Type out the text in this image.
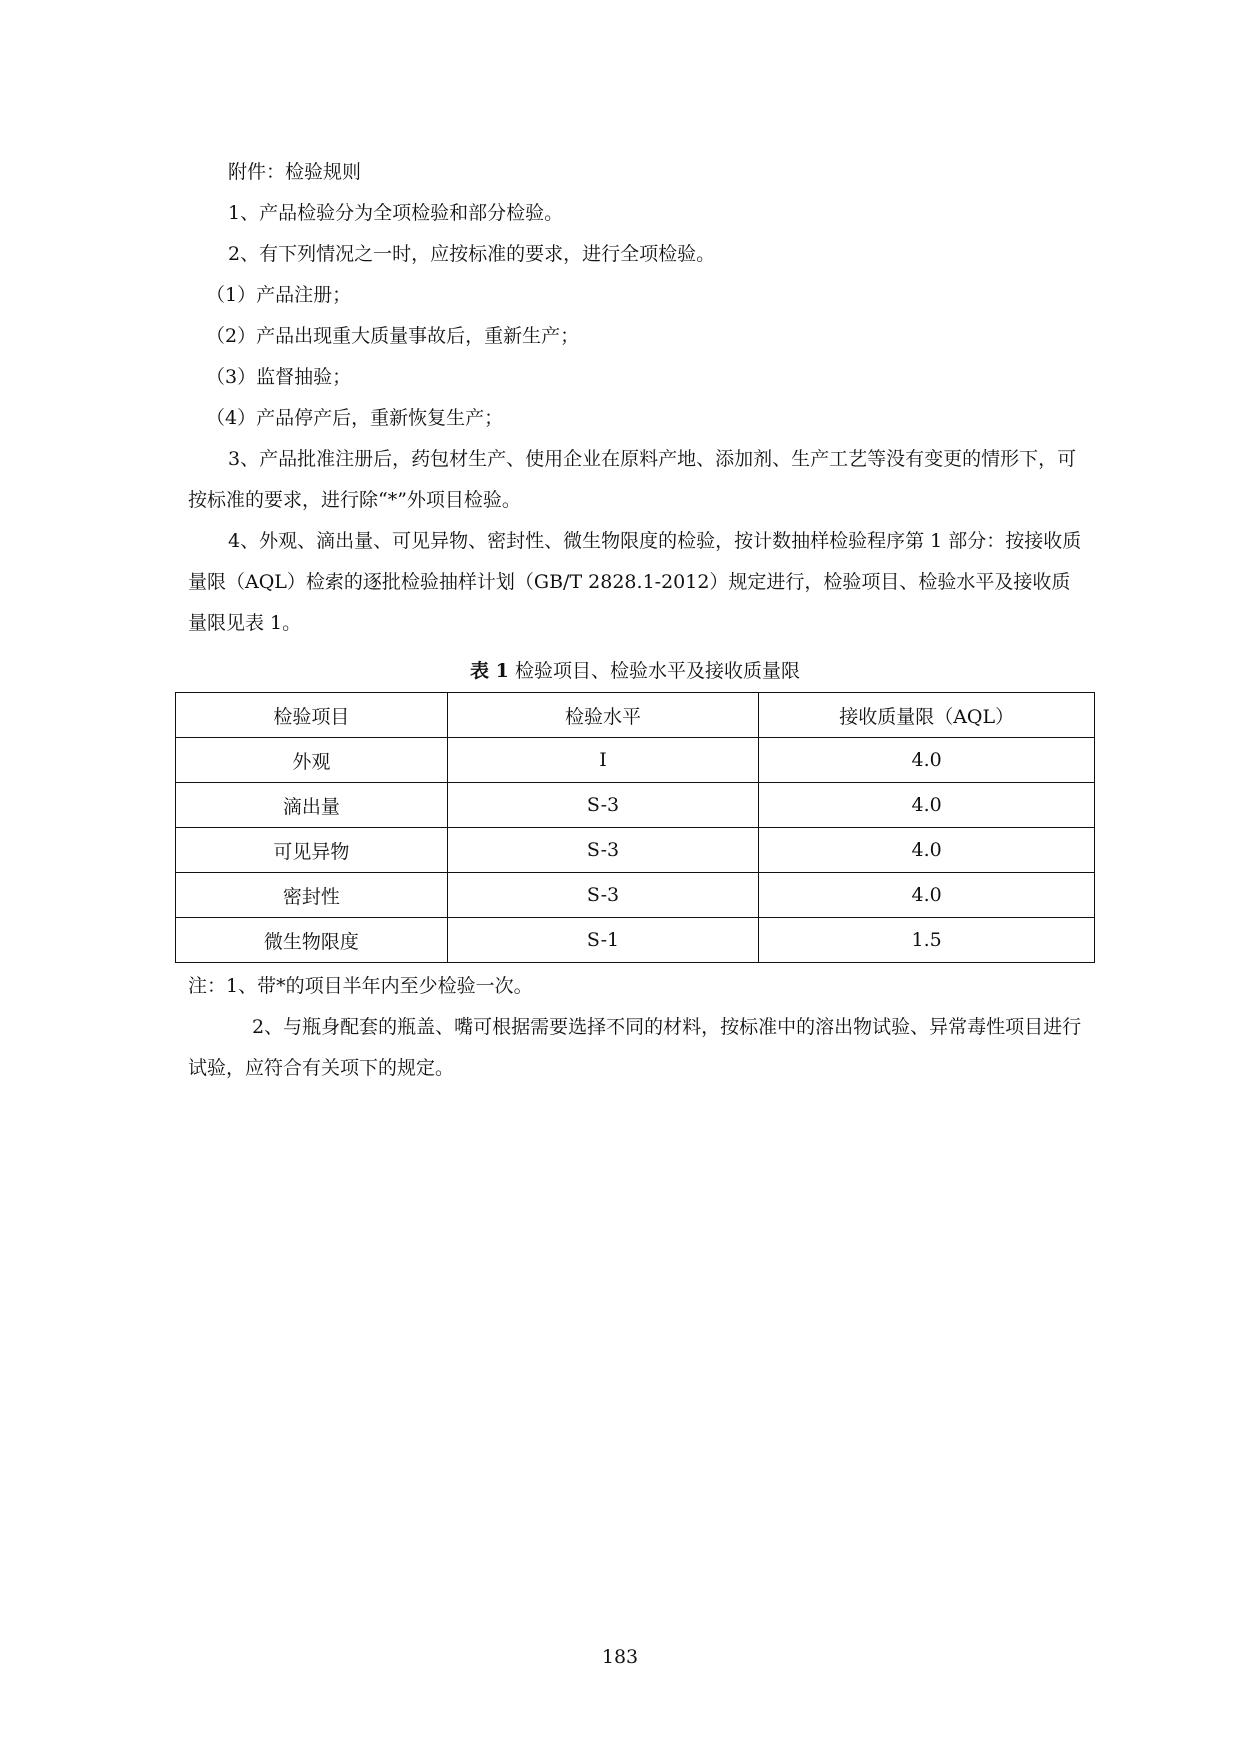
附件：检验规则

1、产品检验分为全项检验和部分检验。

2、有下列情况之一时，应按标准的要求，进行全项检验。

（1）产品注册；

（2）产品出现重大质量事故后，重新生产；

（3）监督抽验；

（4）产品停产后，重新恢复生产；

3、产品批准注册后，药包材生产、使用企业在原料产地、添加剂、生产工艺等没有变更的情形下，可按标准的要求，进行除“*”外项目检验。

4、外观、滴出量、可见异物、密封性、微生物限度的检验，按计数抽样检验程序第 1 部分：按接收质量限（AQL）检索的逐批检验抽样计划（GB/T 2828.1-2012）规定进行，检验项目、检验水平及接收质量限见表 1。

表 1 检验项目、检验水平及接收质量限
检验项目	检验水平	接收质量限（AQL）
外观	I	4.0
滴出量	S-3	4.0
可见异物	S-3	4.0
密封性	S-3	4.0
微生物限度	S-1	1.5

注：1、带*的项目半年内至少检验一次。

2、与瓶身配套的瓶盖、嘴可根据需要选择不同的材料，按标准中的溶出物试验、异常毒性项目进行试验，应符合有关项下的规定。

183
